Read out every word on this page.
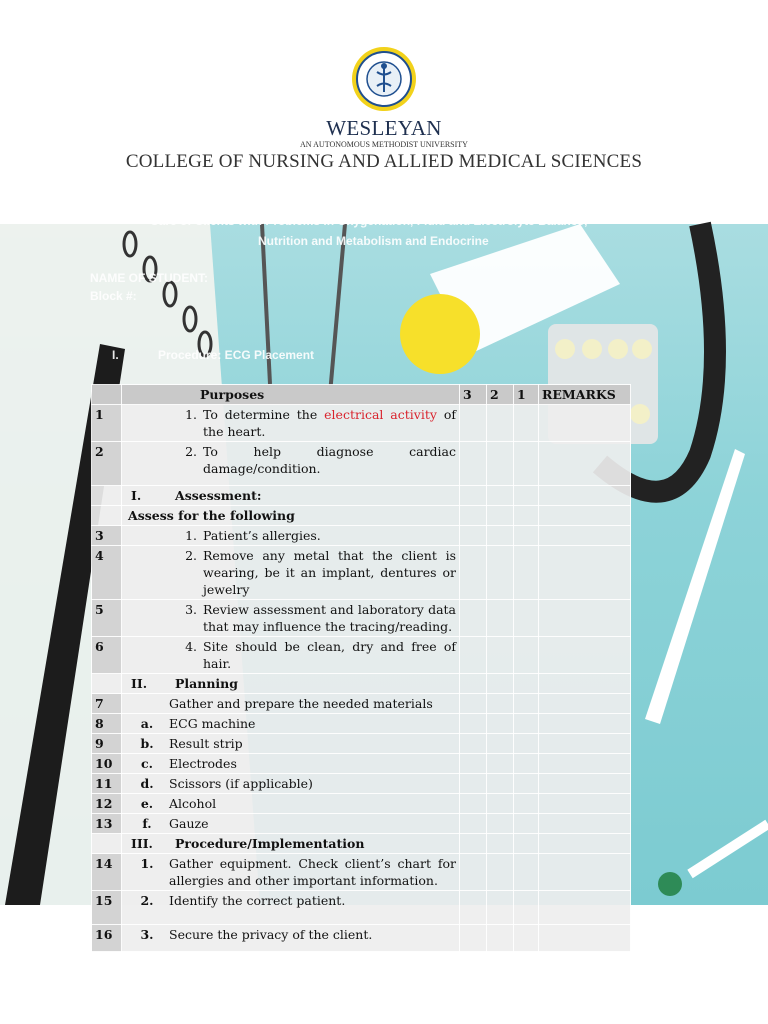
WESLEYAN
AN AUTONOMOUS METHODIST UNIVERSITY
COLLEGE OF NURSING AND ALLIED MEDICAL SCIENCES
Care of Clients with Problems in Oxygenation, Fluid and Electrolyte Balance,
Nutrition and Metabolism and Endocrine
NAME OF STUDENT:
Block #:
I.	Procedure: ECG Placement
	Purposes	3	2	1	REMARKS
1	1. To determine the electrical activity of the heart.				

2	2. To help diagnose cardiac damage/condition.				

	I. Assessment:				

	Assess for the following				
3	1. Patient’s allergies.				

4	2. Remove any metal that the client is wearing, be it an implant, dentures or jewelry				

5	3. Review assessment and laboratory data that may influence the tracing/reading.				

6	4. Site should be clean, dry and free of hair.				

	II. Planning				

7	Gather and prepare the needed materials				

8	a. ECG machine				

9	b. Result strip				

10	c. Electrodes				

11	d. Scissors (if applicable)				

12	e. Alcohol				

13	f. Gauze				

	III. Procedure/Implementation				

14	1. Gather equipment. Check client’s chart for allergies and other important information.				

15	2. Identify the correct patient.				

16	3. Secure the privacy of the client.				
